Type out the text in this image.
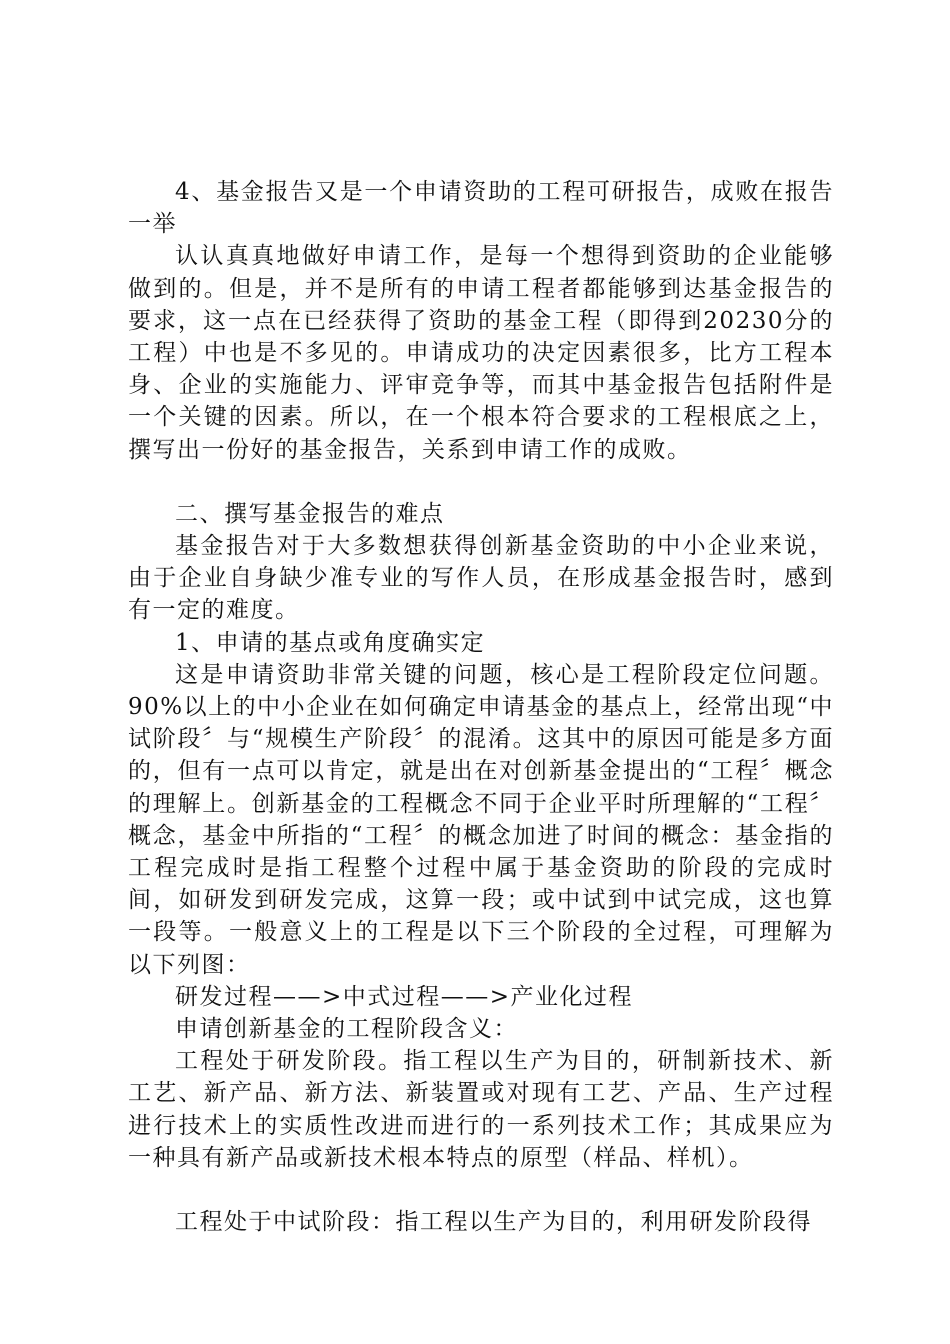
4、基金报告又是一个申请资助的工程可研报告，成败在报告一举

认认真真地做好申请工作，是每一个想得到资助的企业能够做到的。但是，并不是所有的申请工程者都能够到达基金报告的要求，这一点在已经获得了资助的基金工程（即得到20230分的工程）中也是不多见的。申请成功的决定因素很多，比方工程本身、企业的实施能力、评审竞争等，而其中基金报告包括附件是一个关键的因素。所以，在一个根本符合要求的工程根底之上，撰写出一份好的基金报告，关系到申请工作的成败。

二、撰写基金报告的难点

基金报告对于大多数想获得创新基金资助的中小企业来说，由于企业自身缺少准专业的写作人员，在形成基金报告时，感到有一定的难度。

1、申请的基点或角度确实定

这是申请资助非常关键的问题，核心是工程阶段定位问题。90%以上的中小企业在如何确定申请基金的基点上，经常出现“中试阶段〞与“规模生产阶段〞的混淆。这其中的原因可能是多方面的，但有一点可以肯定，就是出在对创新基金提出的“工程〞概念的理解上。创新基金的工程概念不同于企业平时所理解的“工程〞概念，基金中所指的“工程〞的概念加进了时间的概念：基金指的工程完成时是指工程整个过程中属于基金资助的阶段的完成时间，如研发到研发完成，这算一段；或中试到中试完成，这也算一段等。一般意义上的工程是以下三个阶段的全过程，可理解为以下列图：

研发过程——>中式过程——>产业化过程

申请创新基金的工程阶段含义：

工程处于研发阶段。指工程以生产为目的，研制新技术、新工艺、新产品、新方法、新装置或对现有工艺、产品、生产过程进行技术上的实质性改进而进行的一系列技术工作；其成果应为一种具有新产品或新技术根本特点的原型（样品、样机）。

工程处于中试阶段：指工程以生产为目的，利用研发阶段得
